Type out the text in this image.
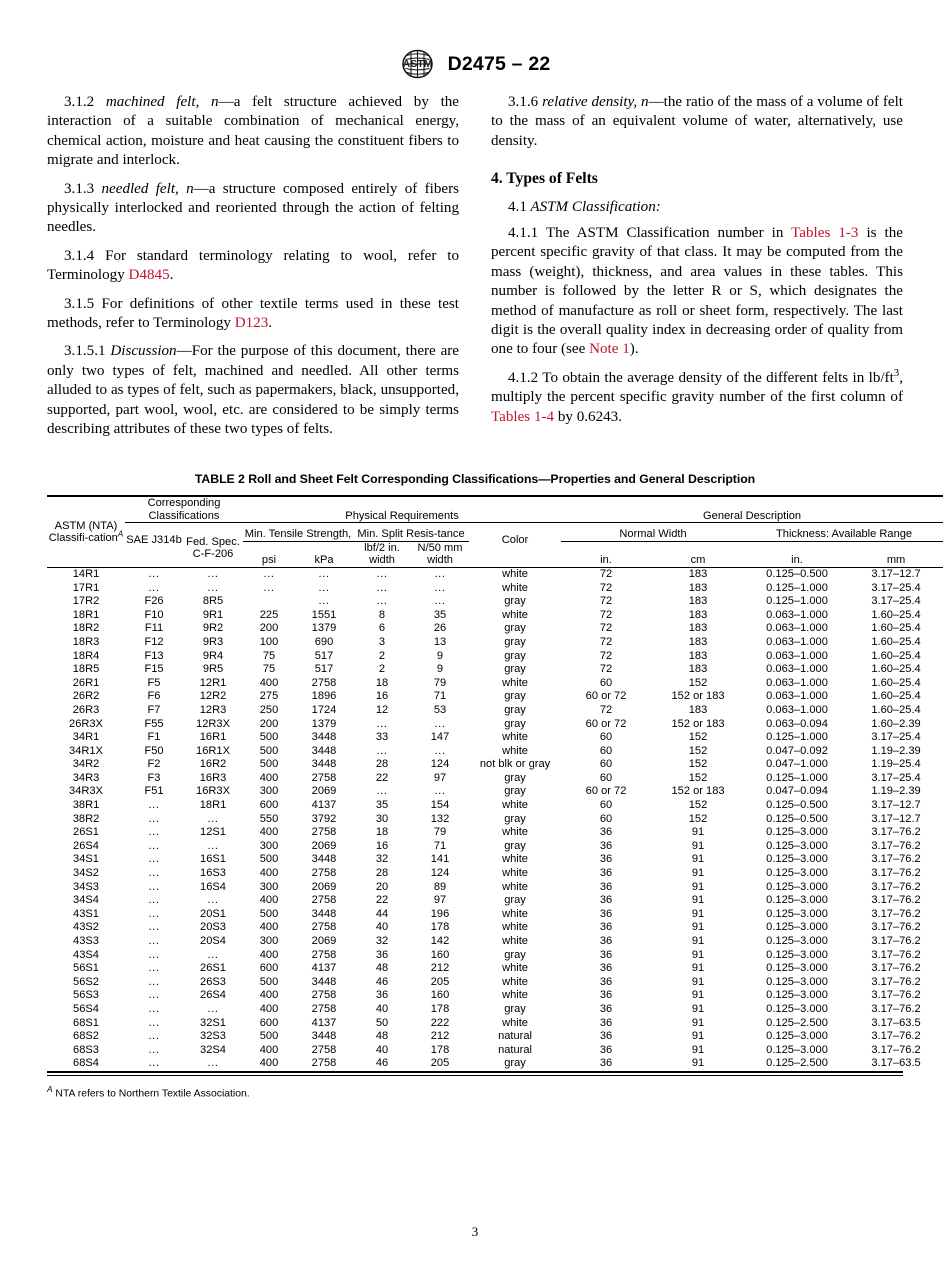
ASTM D2475 – 22

3.1.2 machined felt, n—a felt structure achieved by the interaction of a suitable combination of mechanical energy, chemical action, moisture and heat causing the constituent fibers to migrate and interlock.

3.1.3 needled felt, n—a structure composed entirely of fibers physically interlocked and reoriented through the action of felting needles.

3.1.4 For standard terminology relating to wool, refer to Terminology D4845.

3.1.5 For definitions of other textile terms used in these test methods, refer to Terminology D123.

3.1.5.1 Discussion—For the purpose of this document, there are only two types of felt, machined and needled. All other terms alluded to as types of felt, such as papermakers, black, unsupported, supported, part wool, wool, etc. are considered to be simply terms describing attributes of these two types of felts.

3.1.6 relative density, n—the ratio of the mass of a volume of felt to the mass of an equivalent volume of water, alternatively, use density.

4. Types of Felts

4.1 ASTM Classification:

4.1.1 The ASTM Classification number in Tables 1-3 is the percent specific gravity of that class. It may be computed from the mass (weight), thickness, and area values in these tables. This number is followed by the letter R or S, which designates the method of manufacture as roll or sheet form, respectively. The last digit is the overall quality index in decreasing order of quality from one to four (see Note 1).

4.1.2 To obtain the average density of the different felts in $lb/ft^3$, multiply the percent specific gravity number of the first column of Tables 1-4 by 0.6243.

TABLE 2 Roll and Sheet Felt Corresponding Classifications—Properties and General Description
ASTM (NTA) Classifi-cation$^A$	Corresponding Classifications		Physical Requirements					General Description			
	SAE J314b	Fed. Spec. C-F-206	Min. Tensile Strength,		Min. Split Resis-tance		Color	Normal Width		Thickness: Available Range	
			psi	kPa	lbf/2 in. width	N/50 mm width		in.	cm	in.	mm
14R1	...	...	...	...	...	...	white	72	183	0.125–0.500	3.17–12.7
17R1	...	...	...	...	...	...	white	72	183	0.125–1.000	3.17–25.4
17R2	F26	8R5		...	...	...	gray	72	183	0.125–1.000	3.17–25.4
18R1	F10	9R1	225	1551	8	35	white	72	183	0.063–1.000	1.60–25.4
18R2	F11	9R2	200	1379	6	26	gray	72	183	0.063–1.000	1.60–25.4
18R3	F12	9R3	100	690	3	13	gray	72	183	0.063–1.000	1.60–25.4
18R4	F13	9R4	75	517	2	9	gray	72	183	0.063–1.000	1.60–25.4
18R5	F15	9R5	75	517	2	9	gray	72	183	0.063–1.000	1.60–25.4
26R1	F5	12R1	400	2758	18	79	white	60	152	0.063–1.000	1.60–25.4
26R2	F6	12R2	275	1896	16	71	gray	60 or 72	152 or 183	0.063–1.000	1.60–25.4
26R3	F7	12R3	250	1724	12	53	gray	72	183	0.063–1.000	1.60–25.4
26R3X	F55	12R3X	200	1379	...	...	gray	60 or 72	152 or 183	0.063–0.094	1.60–2.39
34R1	F1	16R1	500	3448	33	147	white	60	152	0.125–1.000	3.17–25.4
34R1X	F50	16R1X	500	3448	...	...	white	60	152	0.047–0.092	1.19–2.39
34R2	F2	16R2	500	3448	28	124	not blk or gray	60	152	0.047–1.000	1.19–25.4
34R3	F3	16R3	400	2758	22	97	gray	60	152	0.125–1.000	3.17–25.4
34R3X	F51	16R3X	300	2069	...	...	gray	60 or 72	152 or 183	0.047–0.094	1.19–2.39
38R1	...	18R1	600	4137	35	154	white	60	152	0.125–0.500	3.17–12.7
38R2	...	...	550	3792	30	132	gray	60	152	0.125–0.500	3.17–12.7
26S1	...	12S1	400	2758	18	79	white	36	91	0.125–3.000	3.17–76.2
26S4	...	...	300	2069	16	71	gray	36	91	0.125–3.000	3.17–76.2
34S1	...	16S1	500	3448	32	141	white	36	91	0.125–3.000	3.17–76.2
34S2	...	16S3	400	2758	28	124	white	36	91	0.125–3.000	3.17–76.2
34S3	...	16S4	300	2069	20	89	white	36	91	0.125–3.000	3.17–76.2
34S4	...	...	400	2758	22	97	gray	36	91	0.125–3.000	3.17–76.2
43S1	...	20S1	500	3448	44	196	white	36	91	0.125–3.000	3.17–76.2
43S2	...	20S3	400	2758	40	178	white	36	91	0.125–3.000	3.17–76.2
43S3	...	20S4	300	2069	32	142	white	36	91	0.125–3.000	3.17–76.2
43S4	...	...	400	2758	36	160	gray	36	91	0.125–3.000	3.17–76.2
56S1	...	26S1	600	4137	48	212	white	36	91	0.125–3.000	3.17–76.2
56S2	...	26S3	500	3448	46	205	white	36	91	0.125–3.000	3.17–76.2
56S3	...	26S4	400	2758	36	160	white	36	91	0.125–3.000	3.17–76.2
56S4	...	...	400	2758	40	178	gray	36	91	0.125–3.000	3.17–76.2
68S1	...	32S1	600	4137	50	222	white	36	91	0.125–2.500	3.17–63.5
68S2	...	32S3	500	3448	48	212	natural	36	91	0.125–3.000	3.17–76.2
68S3	...	32S4	400	2758	40	178	natural	36	91	0.125–3.000	3.17–76.2
68S4	...	...	400	2758	46	205	gray	36	91	0.125–2.500	3.17–63.5
$^A$ NTA refers to Northern Textile Association.
3
